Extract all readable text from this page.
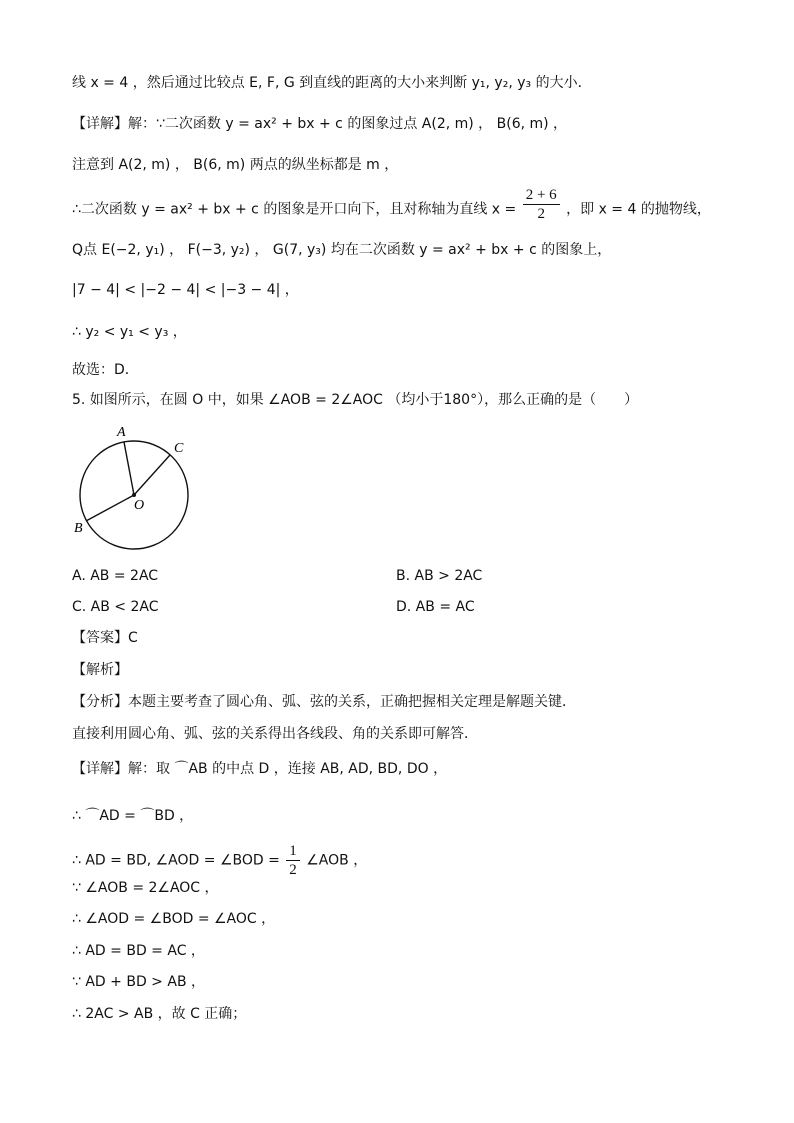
线 x = 4 ，然后通过比较点 E, F, G 到直线的距离的大小来判断 y₁, y₂, y₃ 的大小．
【详解】解：∵二次函数 y = ax² + bx + c 的图象过点 A(2, m) ， B(6, m) ，
注意到 A(2, m) ， B(6, m) 两点的纵坐标都是 m ，
∴二次函数 y = ax² + bx + c 的图象是开口向下，且对称轴为直线 $x = \frac{2 + 6}{2}$ ，即 x = 4 的抛物线，
Q点 E(−2, y₁) ， F(−3, y₂) ， G(7, y₃) 均在二次函数 y = ax² + bx + c 的图象上，
|7 − 4| < |−2 − 4| < |−3 − 4| ，
∴ y₂ < y₁ < y₃ ，
故选：D．
5. 如图所示，在圆 O 中，如果 ∠AOB = 2∠AOC （均小于180°），那么正确的是（　　）
A
C
O
B
A. AB = 2AC	B. AB > 2AC
C. AB < 2AC	D. AB = AC
【答案】C
【解析】
【分析】本题主要考查了圆心角、弧、弦的关系，正确把握相关定理是解题关键．
直接利用圆心角、弧、弦的关系得出各线段、角的关系即可解答．
【详解】解：取 ⌒AB 的中点 D ，连接 AB, AD, BD, DO ，
∴ ⌒AD = ⌒BD ，
∴ AD = BD, ∠AOD = ∠BOD = $\frac{1}{2}$ ∠AOB ，
∵ ∠AOB = 2∠AOC ，
∴ ∠AOD = ∠BOD = ∠AOC ，
∴ AD = BD = AC ，
∵ AD + BD > AB ，
∴ 2AC > AB ，故 C 正确；
